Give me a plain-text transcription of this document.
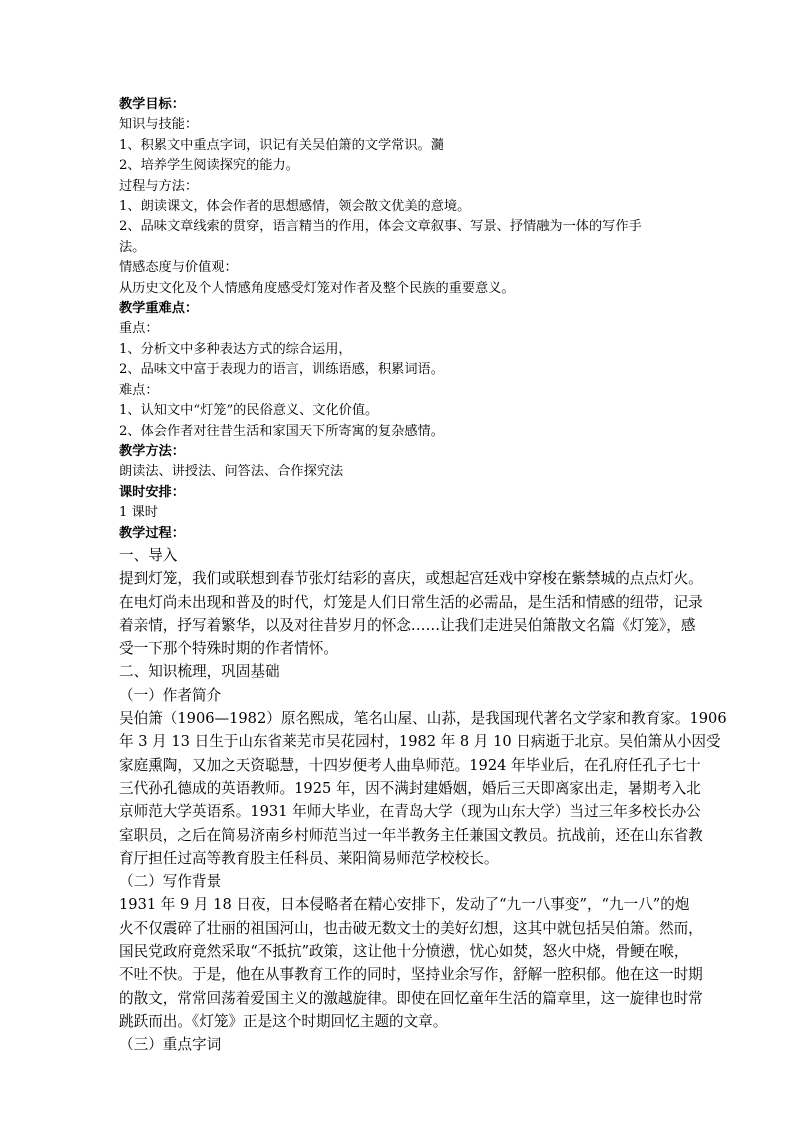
教学目标：

知识与技能：

1、积累文中重点字词，识记有关吴伯箫的文学常识。瀡

2、培养学生阅读探究的能力。

过程与方法：

1、朗读课文，体会作者的思想感情，领会散文优美的意境。

2、品味文章线索的贯穿，语言精当的作用，体会文章叙事、写景、抒情融为一体的写作手

法。

情感态度与价值观：

从历史文化及个人情感角度感受灯笼对作者及整个民族的重要意义。

教学重难点：

重点：

1、分析文中多种表达方式的综合运用，

2、品味文中富于表现力的语言，训练语感，积累词语。

难点：

1、认知文中“灯笼”的民俗意义、文化价值。

2、体会作者对往昔生活和家国天下所寄寓的复杂感情。

教学方法：

朗读法、讲授法、问答法、合作探究法

课时安排：

1 课时

教学过程：

一、导入

提到灯笼，我们或联想到春节张灯结彩的喜庆，或想起宫廷戏中穿梭在紫禁城的点点灯火。

在电灯尚未出现和普及的时代，灯笼是人们日常生活的必需品，是生活和情感的纽带，记录

着亲情，抒写着繁华，以及对往昔岁月的怀念……让我们走进吴伯箫散文名篇《灯笼》，感

受一下那个特殊时期的作者情怀。

二、知识梳理，巩固基础

（一）作者简介

吴伯箫（1906—1982）原名熙成，笔名山屋、山荪，是我国现代著名文学家和教育家。1906

年 3 月 13 日生于山东省莱芜市吴花园村，1982 年 8 月 10 日病逝于北京。吴伯箫从小因受

家庭熏陶，又加之天资聪慧，十四岁便考人曲阜师范。1924 年毕业后，在孔府任孔子七十

三代孙孔德成的英语教师。1925 年，因不满封建婚姻，婚后三天即离家出走，暑期考入北

京师范大学英语系。1931 年师大毕业，在青岛大学（现为山东大学）当过三年多校长办公

室职员，之后在简易济南乡村师范当过一年半教务主任兼国文教员。抗战前，还在山东省教

育厅担任过高等教育股主任科员、莱阳简易师范学校校长。

（二）写作背景

1931 年 9 月 18 日夜，日本侵略者在精心安排下，发动了“九一八事变”，“九一八”的炮

火不仅震碎了壮丽的祖国河山，也击破无数文士的美好幻想，这其中就包括吴伯箫。然而，

国民党政府竟然采取“不抵抗”政策，这让他十分愤懑，忧心如焚，怒火中烧，骨鲠在喉，

不吐不快。于是，他在从事教育工作的同时，坚持业余写作，舒解一腔积郁。他在这一时期

的散文，常常回荡着爱国主义的激越旋律。即使在回忆童年生活的篇章里，这一旋律也时常

跳跃而出。《灯笼》正是这个时期回忆主题的文章。

（三）重点字词
